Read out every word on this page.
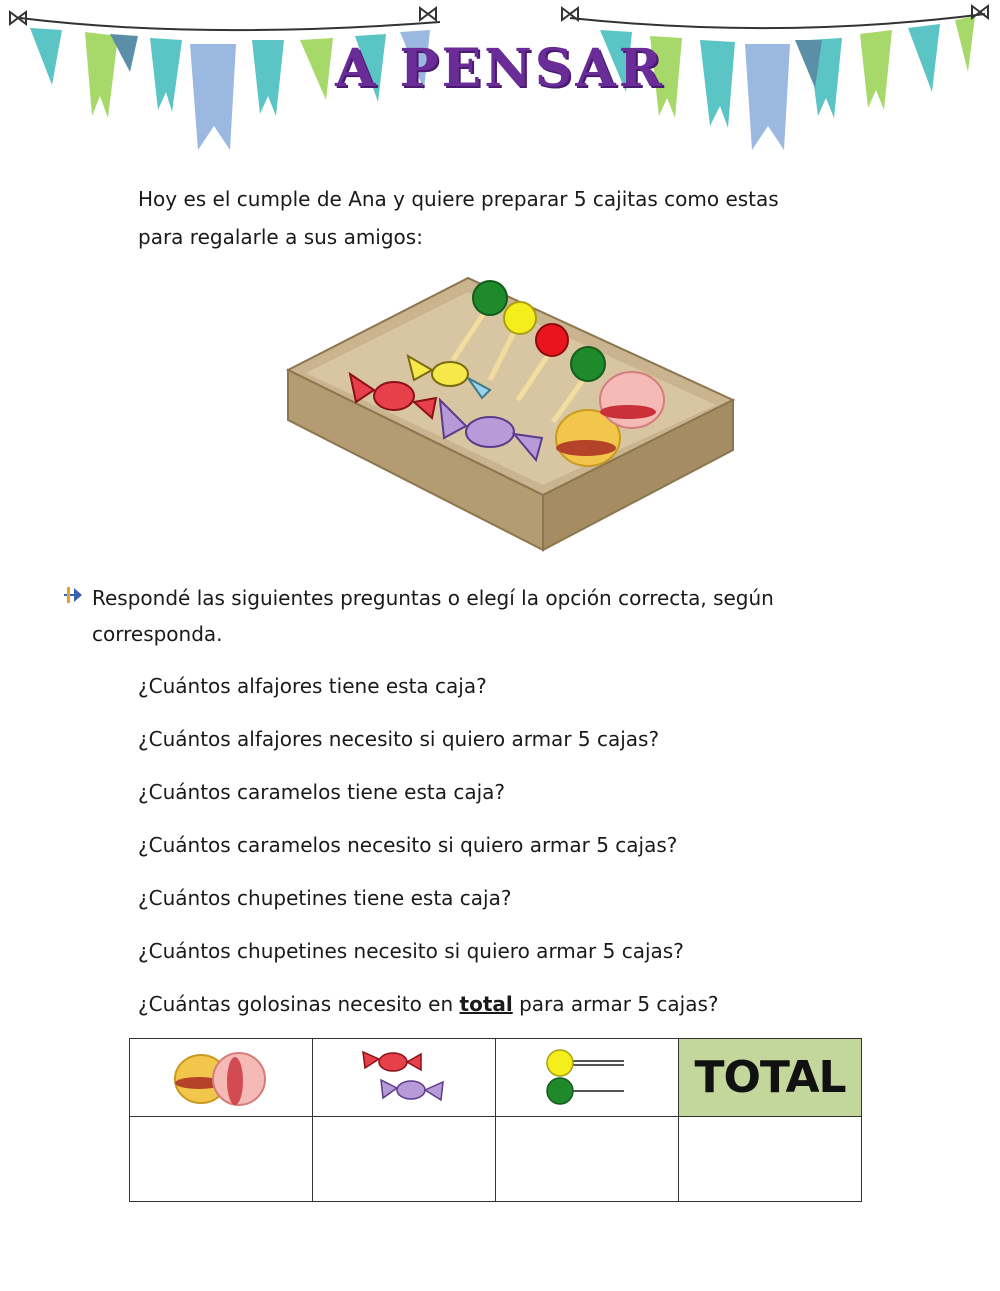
A PENSAR
Hoy es el cumple de Ana y quiere preparar 5 cajitas como estas
para regalarle a sus amigos:
Respondé las siguientes preguntas o elegí la opción correcta, según corresponda.
¿Cuántos alfajores tiene esta caja?
¿Cuántos alfajores necesito si quiero armar 5 cajas?
¿Cuántos caramelos tiene esta caja?
¿Cuántos caramelos necesito si quiero armar 5 cajas?
¿Cuántos chupetines tiene esta caja?
¿Cuántos chupetines necesito si quiero armar 5 cajas?
¿Cuántas golosinas necesito en total para armar 5 cajas?
			TOTAL
